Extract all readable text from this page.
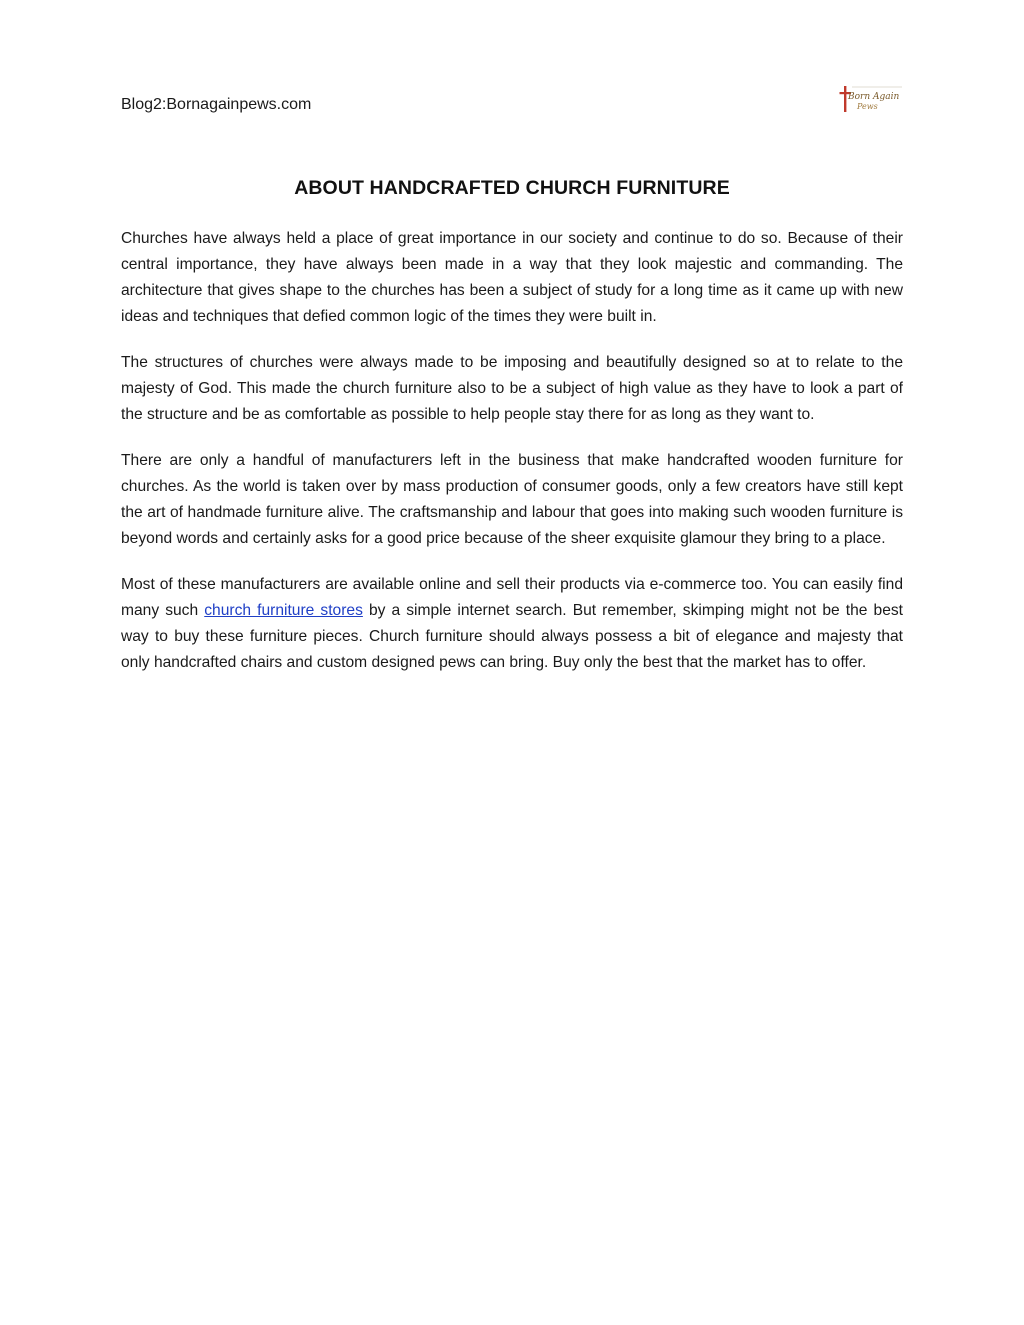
Blog2:Bornagainpews.com	Born Again
Pews
ABOUT HANDCRAFTED CHURCH FURNITURE

Churches have always held a place of great importance in our society and continue to do so. Because of their central importance, they have always been made in a way that they look majestic and commanding. The architecture that gives shape to the churches has been a subject of study for a long time as it came up with new ideas and techniques that defied common logic of the times they were built in.

The structures of churches were always made to be imposing and beautifully designed so at to relate to the majesty of God. This made the church furniture also to be a subject of high value as they have to look a part of the structure and be as comfortable as possible to help people stay there for as long as they want to.

There are only a handful of manufacturers left in the business that make handcrafted wooden furniture for churches. As the world is taken over by mass production of consumer goods, only a few creators have still kept the art of handmade furniture alive. The craftsmanship and labour that goes into making such wooden furniture is beyond words and certainly asks for a good price because of the sheer exquisite glamour they bring to a place.

Most of these manufacturers are available online and sell their products via e-commerce too. You can easily find many such church furniture stores by a simple internet search. But remember, skimping might not be the best way to buy these furniture pieces. Church furniture should always possess a bit of elegance and majesty that only handcrafted chairs and custom designed pews can bring. Buy only the best that the market has to offer.
